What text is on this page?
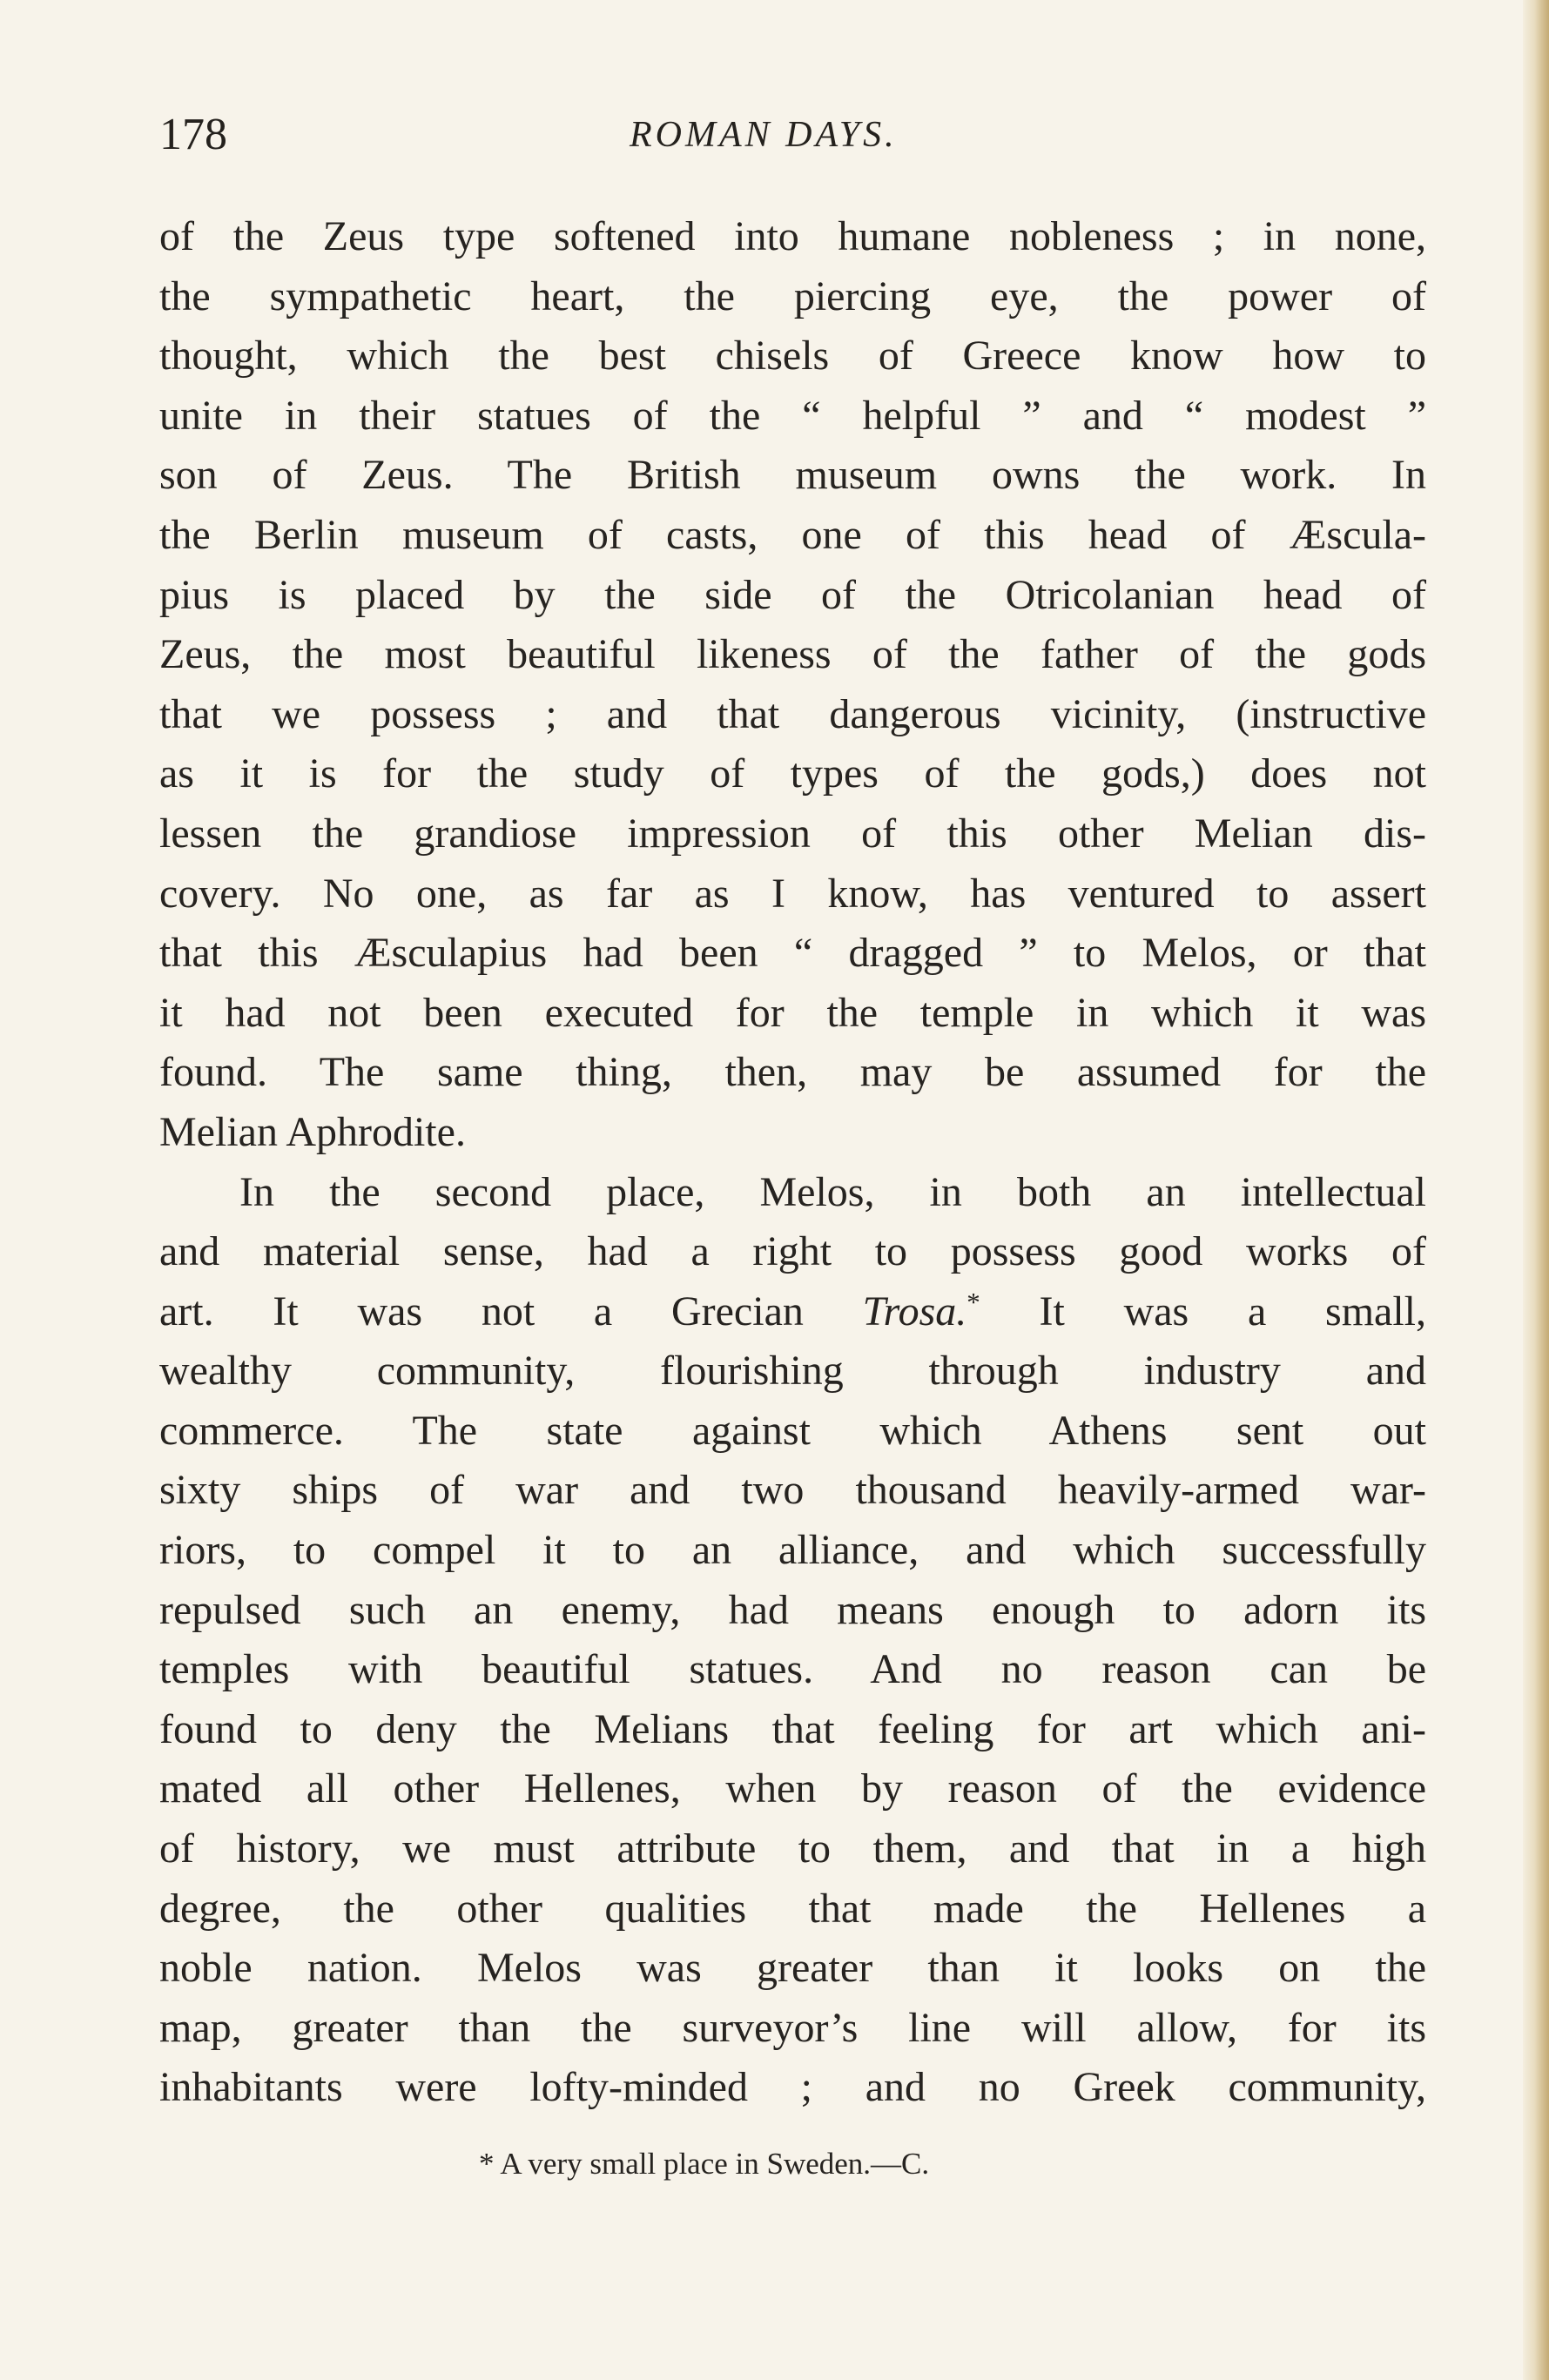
178	ROMAN DAYS.
of the Zeus type softened into humane nobleness ; in none,
the sympathetic heart, the piercing eye, the power of
thought, which the best chisels of Greece know how to
unite in their statues of the “ helpful ” and “ modest ”
son of Zeus. The British museum owns the work. In
the Berlin museum of casts, one of this head of Æscula-
pius is placed by the side of the Otricolanian head of
Zeus, the most beautiful likeness of the father of the gods
that we possess ; and that dangerous vicinity, (instructive
as it is for the study of types of the gods,) does not
lessen the grandiose impression of this other Melian dis-
covery. No one, as far as I know, has ventured to assert
that this Æsculapius had been “ dragged ” to Melos, or that
it had not been executed for the temple in which it was
found. The same thing, then, may be assumed for the
Melian Aphrodite.
In the second place, Melos, in both an intellectual
and material sense, had a right to possess good works of
art. It was not a Grecian Trosa.* It was a small,
wealthy community, flourishing through industry and
commerce. The state against which Athens sent out
sixty ships of war and two thousand heavily-armed war-
riors, to compel it to an alliance, and which successfully
repulsed such an enemy, had means enough to adorn its
temples with beautiful statues. And no reason can be
found to deny the Melians that feeling for art which ani-
mated all other Hellenes, when by reason of the evidence
of history, we must attribute to them, and that in a high
degree, the other qualities that made the Hellenes a
noble nation. Melos was greater than it looks on the
map, greater than the surveyor’s line will allow, for its
inhabitants were lofty-minded ; and no Greek community,
* A very small place in Sweden.—C.
